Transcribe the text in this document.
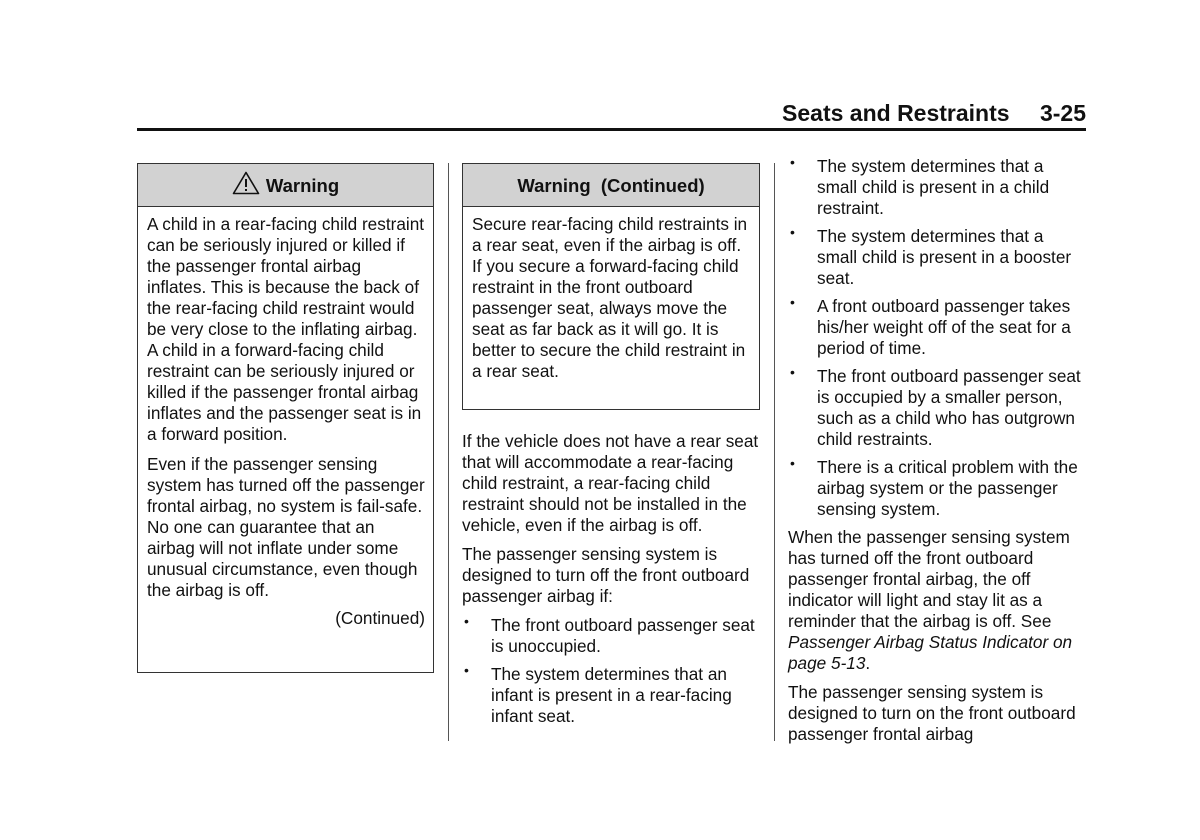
Seats and Restraints 3-25
Warning

A child in a rear-facing child restraint can be seriously injured or killed if the passenger frontal airbag inflates. This is because the back of the rear-facing child restraint would be very close to the inflating airbag. A child in a forward-facing child restraint can be seriously injured or killed if the passenger frontal airbag inflates and the passenger seat is in a forward position.

Even if the passenger sensing system has turned off the passenger frontal airbag, no system is fail-safe. No one can guarantee that an airbag will not inflate under some unusual circumstance, even though the airbag is off.

(Continued)
Warning  (Continued)

Secure rear-facing child restraints in a rear seat, even if the airbag is off. If you secure a forward-facing child restraint in the front outboard passenger seat, always move the seat as far back as it will go. It is better to secure the child restraint in a rear seat.

If the vehicle does not have a rear seat that will accommodate a rear-facing child restraint, a rear-facing child restraint should not be installed in the vehicle, even if the airbag is off.

The passenger sensing system is designed to turn off the front outboard passenger airbag if:

• The front outboard passenger seat is unoccupied.
• The system determines that an infant is present in a rear-facing infant seat.
• The system determines that a small child is present in a child restraint.
• The system determines that a small child is present in a booster seat.
• A front outboard passenger takes his/her weight off of the seat for a period of time.
• The front outboard passenger seat is occupied by a smaller person, such as a child who has outgrown child restraints.
• There is a critical problem with the airbag system or the passenger sensing system.

When the passenger sensing system has turned off the front outboard passenger frontal airbag, the off indicator will light and stay lit as a reminder that the airbag is off. See Passenger Airbag Status Indicator on page 5-13.

The passenger sensing system is designed to turn on the front outboard passenger frontal airbag
